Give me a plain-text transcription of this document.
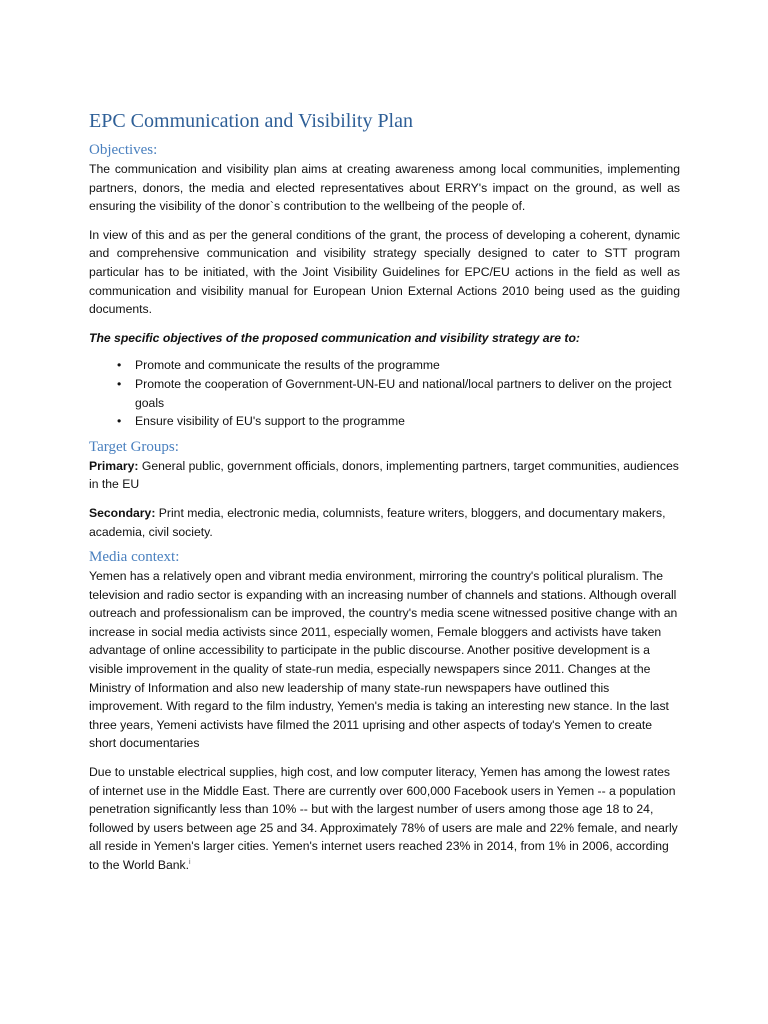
EPC Communication and Visibility Plan
Objectives:

The communication and visibility plan aims at creating awareness among local communities, implementing partners, donors, the media and elected representatives about ERRY's impact on the ground, as well as ensuring the visibility of the donor`s contribution to the wellbeing of the people of.

In view of this and as per the general conditions of the grant, the process of developing a coherent, dynamic and comprehensive communication and visibility strategy specially designed to cater to STT program particular has to be initiated, with the Joint Visibility Guidelines for EPC/EU actions in the field as well as communication and visibility manual for European Union External Actions 2010 being used as the guiding documents.

The specific objectives of the proposed communication and visibility strategy are to:

• Promote and communicate the results of the programme
• Promote the cooperation of Government-UN-EU and national/local partners to deliver on the project goals
• Ensure visibility of EU's support to the programme
Target Groups:

Primary: General public, government officials, donors, implementing partners, target communities, audiences in the EU

Secondary: Print media, electronic media, columnists, feature writers, bloggers, and documentary makers, academia, civil society.

Media context:

Yemen has a relatively open and vibrant media environment, mirroring the country's political pluralism. The television and radio sector is expanding with an increasing number of channels and stations. Although overall outreach and professionalism can be improved, the country's media scene witnessed positive change with an increase in social media activists since 2011, especially women, Female bloggers and activists have taken advantage of online accessibility to participate in the public discourse. Another positive development is a visible improvement in the quality of state-run media, especially newspapers since 2011. Changes at the Ministry of Information and also new leadership of many state-run newspapers have outlined this improvement. With regard to the film industry, Yemen's media is taking an interesting new stance. In the last three years, Yemeni activists have filmed the 2011 uprising and other aspects of today's Yemen to create short documentaries

Due to unstable electrical supplies, high cost, and low computer literacy, Yemen has among the lowest rates of internet use in the Middle East. There are currently over 600,000 Facebook users in Yemen -- a population penetration significantly less than 10% -- but with the largest number of users among those age 18 to 24, followed by users between age 25 and 34. Approximately 78% of users are male and 22% female, and nearly all reside in Yemen's larger cities. Yemen's internet users reached 23% in 2014, from 1% in 2006, according to the World Bank.$^i$
